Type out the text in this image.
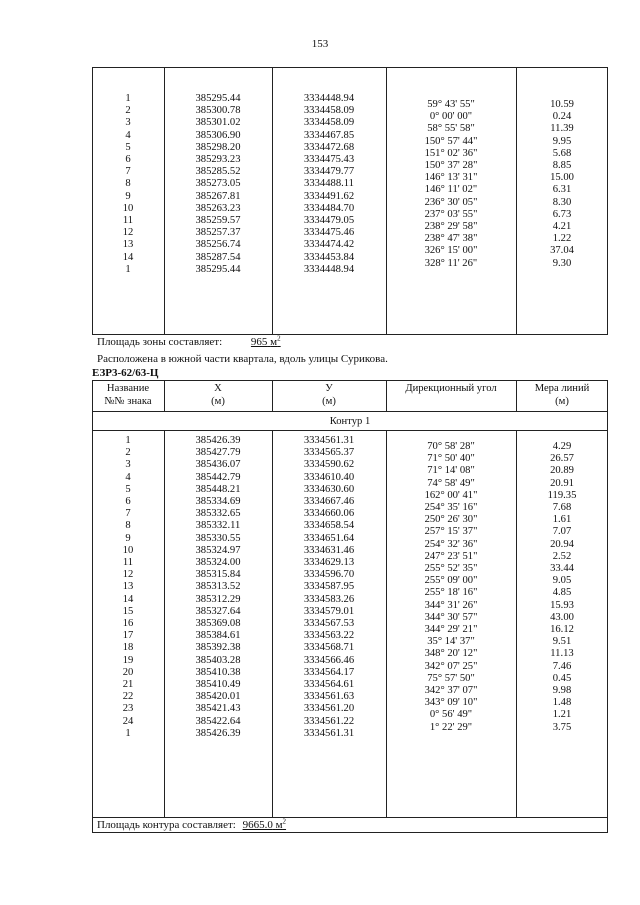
153
1
2
3
4
5
6
7
8
9
10
11
12
13
14
1
385295.44
385300.78
385301.02
385306.90
385298.20
385293.23
385285.52
385273.05
385267.81
385263.23
385259.57
385257.37
385256.74
385287.54
385295.44
3334448.94
3334458.09
3334458.09
3334467.85
3334472.68
3334475.43
3334479.77
3334488.11
3334491.62
3334484.70
3334479.05
3334475.46
3334474.42
3334453.84
3334448.94
59° 43' 55"
0° 00' 00"
58° 55' 58"
150° 57' 44"
151° 02' 36"
150° 37' 28"
146° 13' 31"
146° 11' 02"
236° 30' 05"
237° 03' 55"
238° 29' 58"
238° 47' 38"
326° 15' 00"
328° 11' 26"
10.59
0.24
11.39
9.95
5.68
8.85
15.00
6.31
8.30
6.73
4.21
1.22
37.04
9.30
Площадь зоны составляет:	965 $м^2$
Расположена в южной части квартала, вдоль улицы Сурикова.
ЕЗР3-62/63-Ц
Название
№№ знака
X
(м)
У
(м)
Дирекционный угол	Мера линий
(м)
Контур 1
1
2
3
4
5
6
7
8
9
10
11
12
13
14
15
16
17
18
19
20
21
22
23
24
1
385426.39
385427.79
385436.07
385442.79
385448.21
385334.69
385332.65
385332.11
385330.55
385324.97
385324.00
385315.84
385313.52
385312.29
385327.64
385369.08
385384.61
385392.38
385403.28
385410.38
385410.49
385420.01
385421.43
385422.64
385426.39
3334561.31
3334565.37
3334590.62
3334610.40
3334630.60
3334667.46
3334660.06
3334658.54
3334651.64
3334631.46
3334629.13
3334596.70
3334587.95
3334583.26
3334579.01
3334567.53
3334563.22
3334568.71
3334566.46
3334564.17
3334564.61
3334561.63
3334561.20
3334561.22
3334561.31
70° 58' 28"
71° 50' 40"
71° 14' 08"
74° 58' 49"
162° 00' 41"
254° 35' 16"
250° 26' 30"
257° 15' 37"
254° 32' 36"
247° 23' 51"
255° 52' 35"
255° 09' 00"
255° 18' 16"
344° 31' 26"
344° 30' 57"
344° 29' 21"
35° 14' 37"
348° 20' 12"
342° 07' 25"
75° 57' 50"
342° 37' 07"
343° 09' 10"
0° 56' 49"
1° 22' 29"
4.29
26.57
20.89
20.91
119.35
7.68
1.61
7.07
20.94
2.52
33.44
9.05
4.85
15.93
43.00
16.12
9.51
11.13
7.46
0.45
9.98
1.48
1.21
3.75
Площадь контура составляет: 9665.0 $м^2$
